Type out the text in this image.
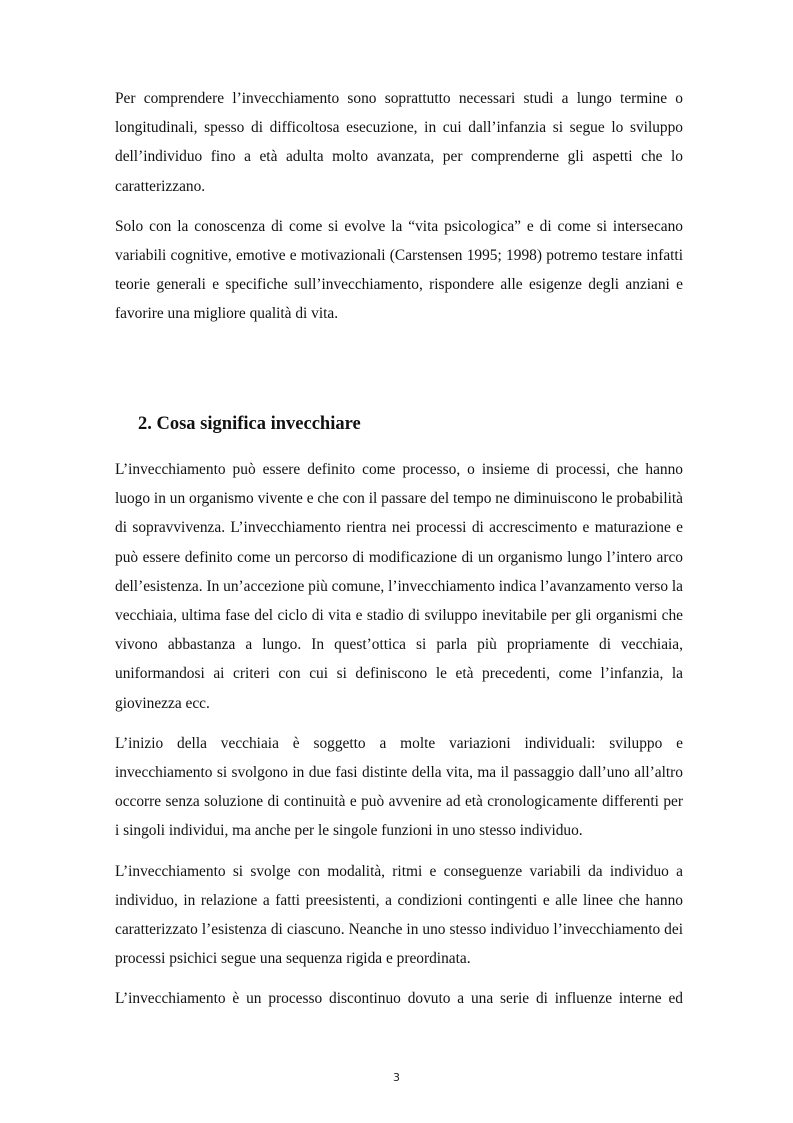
Per comprendere l’invecchiamento sono soprattutto necessari studi a lungo termine o longitudinali, spesso di difficoltosa esecuzione, in cui dall’infanzia si segue lo sviluppo dell’individuo fino a età adulta molto avanzata, per comprenderne gli aspetti che lo caratterizzano.

Solo con la conoscenza di come si evolve la “vita psicologica” e di come si intersecano variabili cognitive, emotive e motivazionali (Carstensen 1995; 1998) potremo testare infatti teorie generali e specifiche sull’invecchiamento, rispondere alle esigenze degli anziani e favorire una migliore qualità di vita.

2. Cosa significa invecchiare

L’invecchiamento può essere definito come processo, o insieme di processi, che hanno luogo in un organismo vivente e che con il passare del tempo ne diminuiscono le probabilità di sopravvivenza. L’invecchiamento rientra nei processi di accrescimento e maturazione e può essere definito come un percorso di modificazione di un organismo lungo l’intero arco dell’esistenza. In un’accezione più comune, l’invecchiamento indica l’avanzamento verso la vecchiaia, ultima fase del ciclo di vita e stadio di sviluppo inevitabile per gli organismi che vivono abbastanza a lungo. In quest’ottica si parla più propriamente di vecchiaia, uniformandosi ai criteri con cui si definiscono le età precedenti, come l’infanzia, la giovinezza ecc.

L’inizio della vecchiaia è soggetto a molte variazioni individuali: sviluppo e invecchiamento si svolgono in due fasi distinte della vita, ma il passaggio dall’uno all’altro occorre senza soluzione di continuità e può avvenire ad età cronologicamente differenti per i singoli individui, ma anche per le singole funzioni in uno stesso individuo.

L’invecchiamento si svolge con modalità, ritmi e conseguenze variabili da individuo a individuo, in relazione a fatti preesistenti, a condizioni contingenti e alle linee che hanno caratterizzato l’esistenza di ciascuno. Neanche in uno stesso individuo l’invecchiamento dei processi psichici segue una sequenza rigida e preordinata.

L’invecchiamento è un processo discontinuo dovuto a una serie di influenze interne ed

3
